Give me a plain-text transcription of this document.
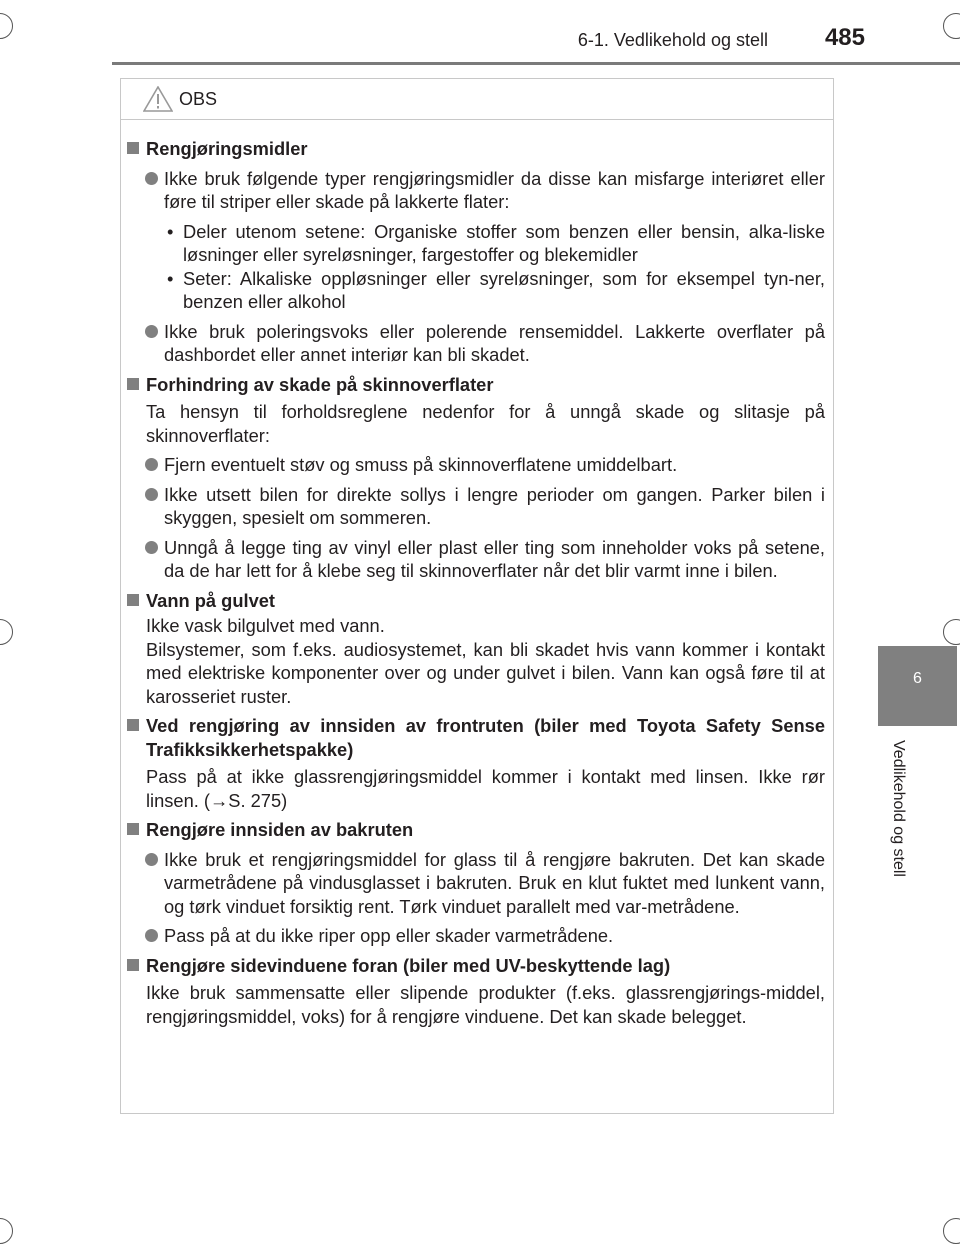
6-1. Vedlikehold og stell 485
6
Vedlikehold og stell
OBS
Rengjøringsmidler
Ikke bruk følgende typer rengjøringsmidler da disse kan misfarge interiøret eller føre til striper eller skade på lakkerte flater:
• Deler utenom setene: Organiske stoffer som benzen eller bensin, alka-liske løsninger eller syreløsninger, fargestoffer og blekemidler
• Seter: Alkaliske oppløsninger eller syreløsninger, som for eksempel tyn-ner, benzen eller alkohol
Ikke bruk poleringsvoks eller polerende rensemiddel. Lakkerte overflater på dashbordet eller annet interiør kan bli skadet.
Forhindring av skade på skinnoverflater
Ta hensyn til forholdsreglene nedenfor for å unngå skade og slitasje på skinnoverflater:
Fjern eventuelt støv og smuss på skinnoverflatene umiddelbart.
Ikke utsett bilen for direkte sollys i lengre perioder om gangen. Parker bilen i skyggen, spesielt om sommeren.
Unngå å legge ting av vinyl eller plast eller ting som inneholder voks på setene, da de har lett for å klebe seg til skinnoverflater når det blir varmt inne i bilen.
Vann på gulvet
Ikke vask bilgulvet med vann.
Bilsystemer, som f.eks. audiosystemet, kan bli skadet hvis vann kommer i kontakt med elektriske komponenter over og under gulvet i bilen. Vann kan også føre til at karosseriet ruster.
Ved rengjøring av innsiden av frontruten (biler med Toyota Safety Sense Trafikksikkerhetspakke)
Pass på at ikke glassrengjøringsmiddel kommer i kontakt med linsen. Ikke rør linsen. (→S. 275)
Rengjøre innsiden av bakruten
Ikke bruk et rengjøringsmiddel for glass til å rengjøre bakruten. Det kan skade varmetrådene på vindusglasset i bakruten. Bruk en klut fuktet med lunkent vann, og tørk vinduet forsiktig rent. Tørk vinduet parallelt med var-metrådene.
Pass på at du ikke riper opp eller skader varmetrådene.
Rengjøre sidevinduene foran (biler med UV-beskyttende lag)
Ikke bruk sammensatte eller slipende produkter (f.eks. glassrengjørings-middel, rengjøringsmiddel, voks) for å rengjøre vinduene. Det kan skade belegget.
